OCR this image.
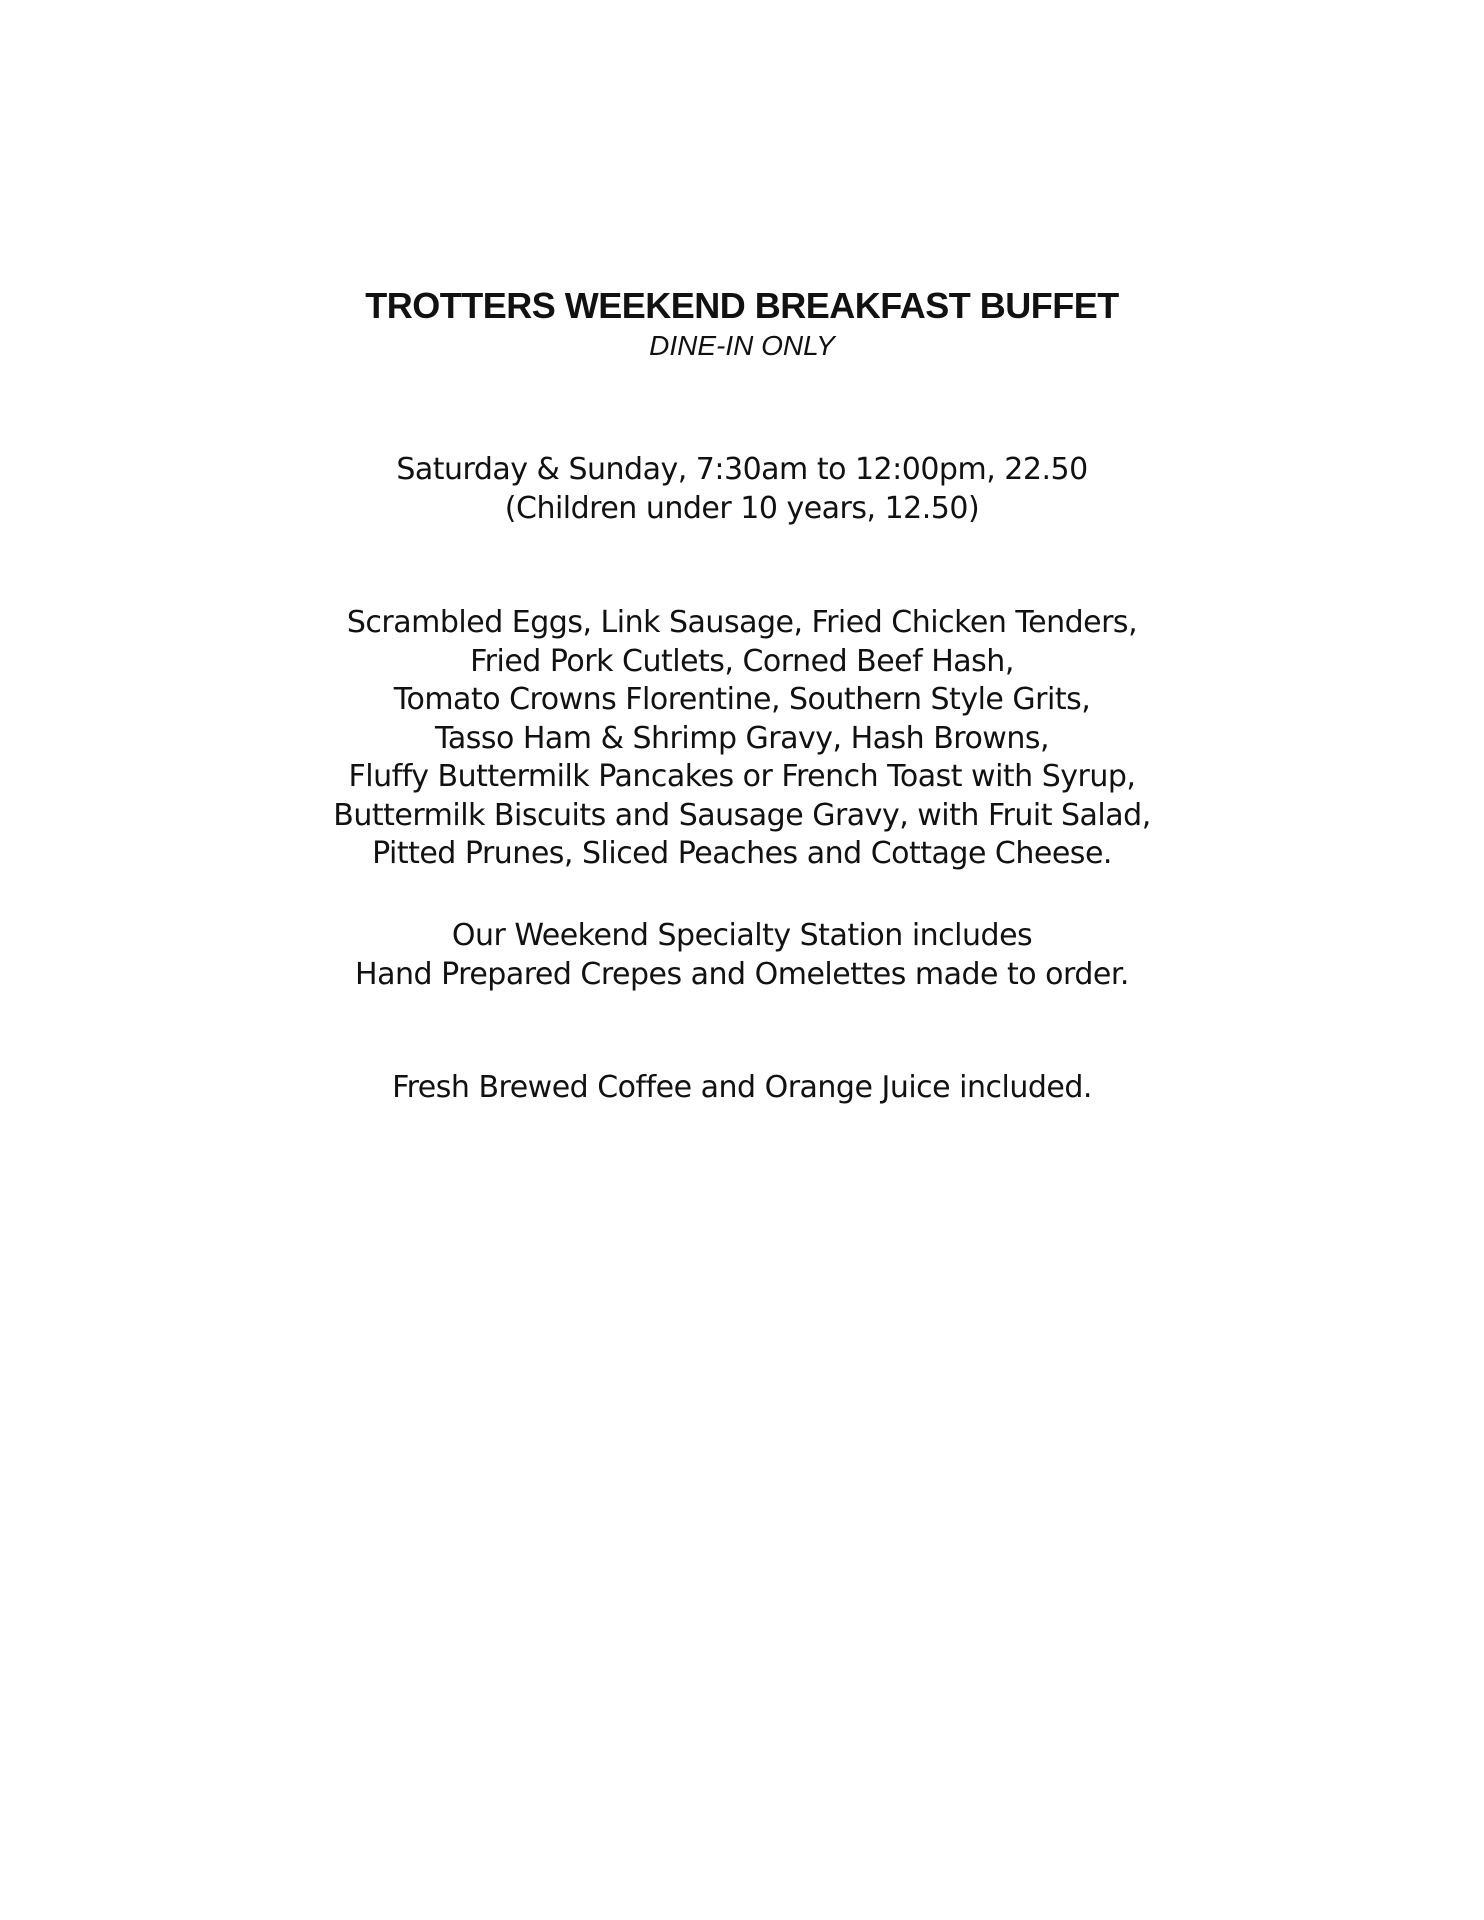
TROTTERS WEEKEND BREAKFAST BUFFET
DINE-IN ONLY
Saturday & Sunday, 7:30am to 12:00pm, 22.50
(Children under 10 years, 12.50)
Scrambled Eggs, Link Sausage, Fried Chicken Tenders,
Fried Pork Cutlets, Corned Beef Hash,
Tomato Crowns Florentine, Southern Style Grits,
Tasso Ham & Shrimp Gravy, Hash Browns,
Fluffy Buttermilk Pancakes or French Toast with Syrup,
Buttermilk Biscuits and Sausage Gravy, with Fruit Salad,
Pitted Prunes, Sliced Peaches and Cottage Cheese.
Our Weekend Specialty Station includes
Hand Prepared Crepes and Omelettes made to order.
Fresh Brewed Coffee and Orange Juice included.
